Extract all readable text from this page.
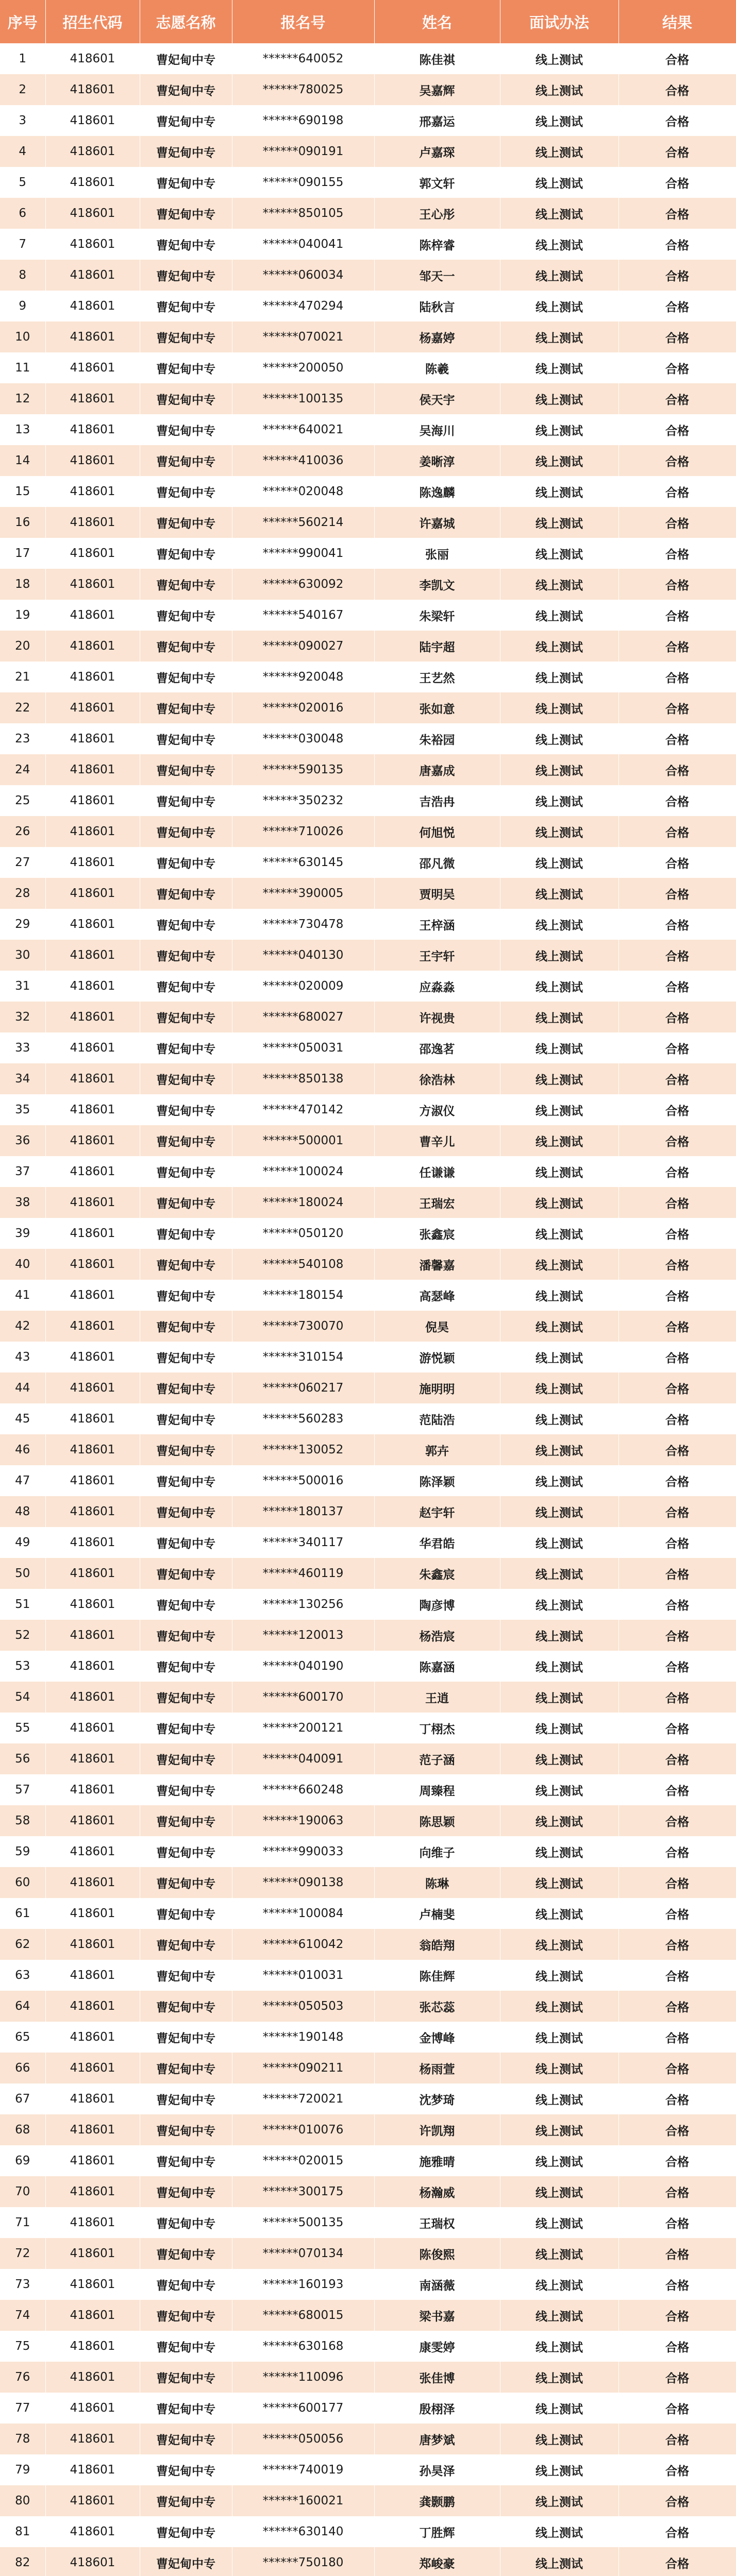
序号	招生代码	志愿名称	报名号	姓名	面试办法	结果
1	418601	曹妃甸中专	******640052	陈佳祺	线上测试	合格
2	418601	曹妃甸中专	******780025	吴嘉辉	线上测试	合格
3	418601	曹妃甸中专	******690198	邢嘉运	线上测试	合格
4	418601	曹妃甸中专	******090191	卢嘉琛	线上测试	合格
5	418601	曹妃甸中专	******090155	郭文轩	线上测试	合格
6	418601	曹妃甸中专	******850105	王心彤	线上测试	合格
7	418601	曹妃甸中专	******040041	陈梓睿	线上测试	合格
8	418601	曹妃甸中专	******060034	邹天一	线上测试	合格
9	418601	曹妃甸中专	******470294	陆秋言	线上测试	合格
10	418601	曹妃甸中专	******070021	杨嘉婷	线上测试	合格
11	418601	曹妃甸中专	******200050	陈羲	线上测试	合格
12	418601	曹妃甸中专	******100135	侯天宇	线上测试	合格
13	418601	曹妃甸中专	******640021	吴海川	线上测试	合格
14	418601	曹妃甸中专	******410036	姜晰淳	线上测试	合格
15	418601	曹妃甸中专	******020048	陈逸麟	线上测试	合格
16	418601	曹妃甸中专	******560214	许嘉城	线上测试	合格
17	418601	曹妃甸中专	******990041	张丽	线上测试	合格
18	418601	曹妃甸中专	******630092	李凯文	线上测试	合格
19	418601	曹妃甸中专	******540167	朱梁轩	线上测试	合格
20	418601	曹妃甸中专	******090027	陆宇超	线上测试	合格
21	418601	曹妃甸中专	******920048	王艺然	线上测试	合格
22	418601	曹妃甸中专	******020016	张如意	线上测试	合格
23	418601	曹妃甸中专	******030048	朱裕园	线上测试	合格
24	418601	曹妃甸中专	******590135	唐嘉成	线上测试	合格
25	418601	曹妃甸中专	******350232	吉浩冉	线上测试	合格
26	418601	曹妃甸中专	******710026	何旭悦	线上测试	合格
27	418601	曹妃甸中专	******630145	邵凡微	线上测试	合格
28	418601	曹妃甸中专	******390005	贾明吴	线上测试	合格
29	418601	曹妃甸中专	******730478	王梓涵	线上测试	合格
30	418601	曹妃甸中专	******040130	王宇轩	线上测试	合格
31	418601	曹妃甸中专	******020009	应淼淼	线上测试	合格
32	418601	曹妃甸中专	******680027	许视贵	线上测试	合格
33	418601	曹妃甸中专	******050031	邵逸茗	线上测试	合格
34	418601	曹妃甸中专	******850138	徐浩林	线上测试	合格
35	418601	曹妃甸中专	******470142	方淑仪	线上测试	合格
36	418601	曹妃甸中专	******500001	曹辛儿	线上测试	合格
37	418601	曹妃甸中专	******100024	任谦谦	线上测试	合格
38	418601	曹妃甸中专	******180024	王瑞宏	线上测试	合格
39	418601	曹妃甸中专	******050120	张鑫宸	线上测试	合格
40	418601	曹妃甸中专	******540108	潘馨嘉	线上测试	合格
41	418601	曹妃甸中专	******180154	高瑟峰	线上测试	合格
42	418601	曹妃甸中专	******730070	倪昊	线上测试	合格
43	418601	曹妃甸中专	******310154	游悦颖	线上测试	合格
44	418601	曹妃甸中专	******060217	施明明	线上测试	合格
45	418601	曹妃甸中专	******560283	范陆浩	线上测试	合格
46	418601	曹妃甸中专	******130052	郭卉	线上测试	合格
47	418601	曹妃甸中专	******500016	陈泽颖	线上测试	合格
48	418601	曹妃甸中专	******180137	赵宇轩	线上测试	合格
49	418601	曹妃甸中专	******340117	华君皓	线上测试	合格
50	418601	曹妃甸中专	******460119	朱鑫宸	线上测试	合格
51	418601	曹妃甸中专	******130256	陶彦博	线上测试	合格
52	418601	曹妃甸中专	******120013	杨浩宸	线上测试	合格
53	418601	曹妃甸中专	******040190	陈嘉涵	线上测试	合格
54	418601	曹妃甸中专	******600170	王逍	线上测试	合格
55	418601	曹妃甸中专	******200121	丁栩杰	线上测试	合格
56	418601	曹妃甸中专	******040091	范子涵	线上测试	合格
57	418601	曹妃甸中专	******660248	周臻程	线上测试	合格
58	418601	曹妃甸中专	******190063	陈思颖	线上测试	合格
59	418601	曹妃甸中专	******990033	向维子	线上测试	合格
60	418601	曹妃甸中专	******090138	陈琳	线上测试	合格
61	418601	曹妃甸中专	******100084	卢楠斐	线上测试	合格
62	418601	曹妃甸中专	******610042	翁皓翔	线上测试	合格
63	418601	曹妃甸中专	******010031	陈佳辉	线上测试	合格
64	418601	曹妃甸中专	******050503	张芯蕊	线上测试	合格
65	418601	曹妃甸中专	******190148	金博峰	线上测试	合格
66	418601	曹妃甸中专	******090211	杨雨萱	线上测试	合格
67	418601	曹妃甸中专	******720021	沈梦琦	线上测试	合格
68	418601	曹妃甸中专	******010076	许凯翔	线上测试	合格
69	418601	曹妃甸中专	******020015	施雅晴	线上测试	合格
70	418601	曹妃甸中专	******300175	杨瀚威	线上测试	合格
71	418601	曹妃甸中专	******500135	王瑞权	线上测试	合格
72	418601	曹妃甸中专	******070134	陈俊熙	线上测试	合格
73	418601	曹妃甸中专	******160193	南涵薇	线上测试	合格
74	418601	曹妃甸中专	******680015	梁书嘉	线上测试	合格
75	418601	曹妃甸中专	******630168	康雯婷	线上测试	合格
76	418601	曹妃甸中专	******110096	张佳博	线上测试	合格
77	418601	曹妃甸中专	******600177	殷栩泽	线上测试	合格
78	418601	曹妃甸中专	******050056	唐梦斌	线上测试	合格
79	418601	曹妃甸中专	******740019	孙昊泽	线上测试	合格
80	418601	曹妃甸中专	******160021	龚颢鹏	线上测试	合格
81	418601	曹妃甸中专	******630140	丁胜辉	线上测试	合格
82	418601	曹妃甸中专	******750180	郑峻豪	线上测试	合格
